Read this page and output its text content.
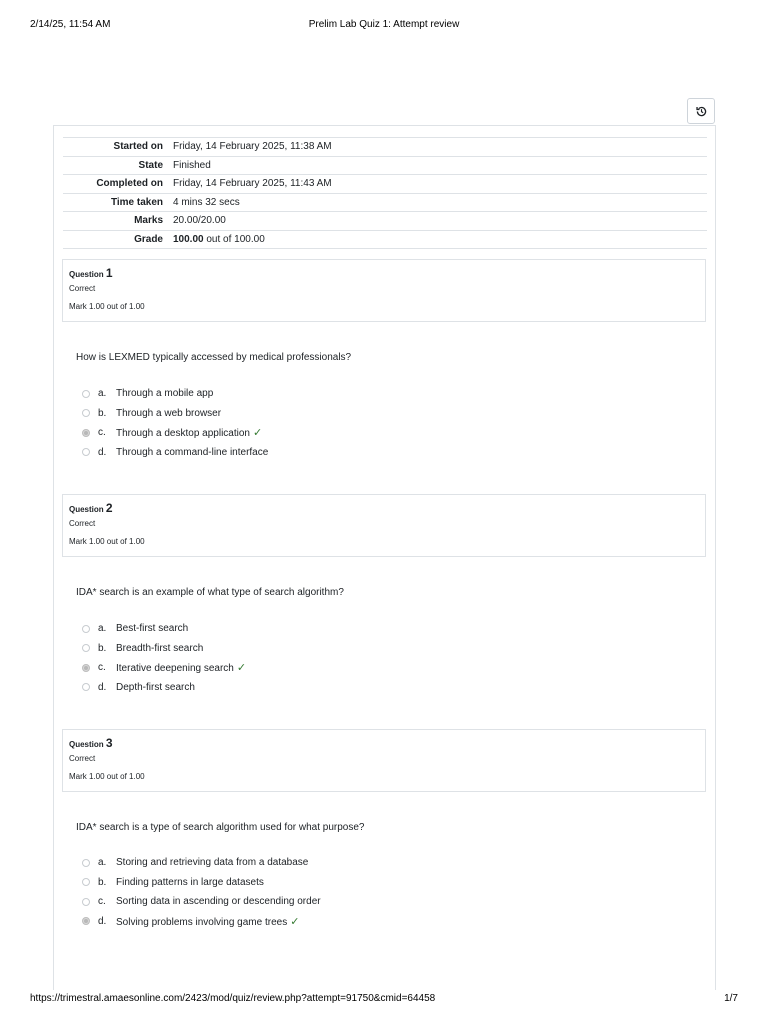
2/14/25, 11:54 AM	Prelim Lab Quiz 1: Attempt review
Started on	Friday, 14 February 2025, 11:38 AM
State	Finished
Completed on	Friday, 14 February 2025, 11:43 AM
Time taken	4 mins 32 secs
Marks	20.00/20.00
Grade	100.00 out of 100.00
Question 1
Correct
Mark 1.00 out of 1.00
How is LEXMED typically accessed by medical professionals?
a. Through a mobile app
b. Through a web browser
c. Through a desktop application ✓
d. Through a command-line interface
Question 2
Correct
Mark 1.00 out of 1.00
IDA* search is an example of what type of search algorithm?
a. Best-first search
b. Breadth-first search
c. Iterative deepening search ✓
d. Depth-first search
Question 3
Correct
Mark 1.00 out of 1.00
IDA* search is a type of search algorithm used for what purpose?
a. Storing and retrieving data from a database
b. Finding patterns in large datasets
c. Sorting data in ascending or descending order
d. Solving problems involving game trees ✓
https://trimestral.amaesonline.com/2423/mod/quiz/review.php?attempt=91750&cmid=64458	1/7
